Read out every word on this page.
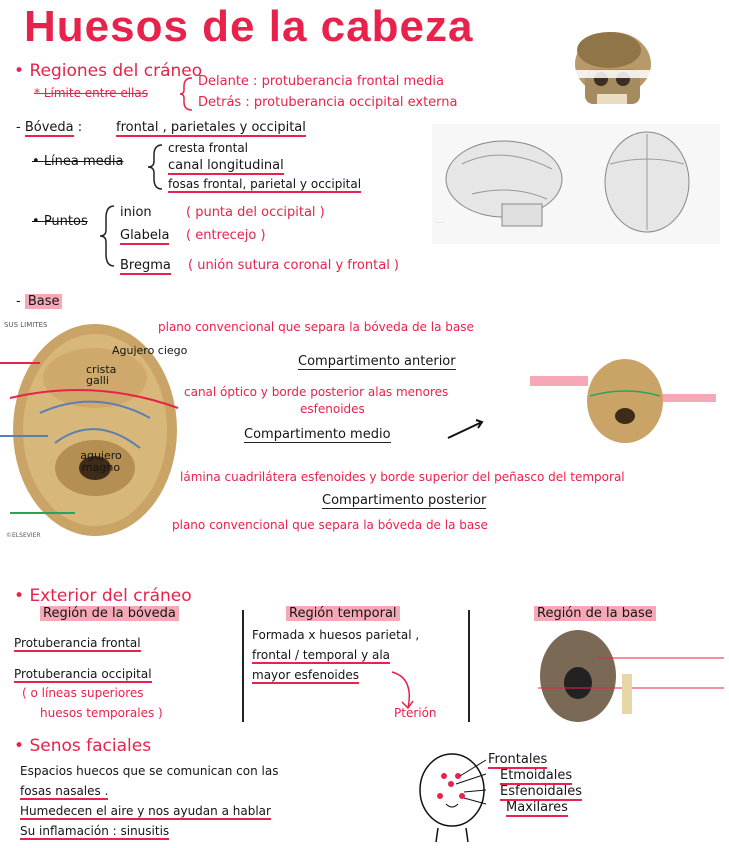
Huesos de la cabeza
• Regiones del cráneo
* Límite entre ellas
Delante : protuberancia frontal media
Detrás : protuberancia occipital externa
- Bóveda :	frontal , parietales y occipital
• Línea media
cresta frontal
canal longitudinal
fosas frontal, parietal y occipital
· · ·
• Puntos
inion	( punta del occipital )
Glabela ( entrecejo )
Bregma ( unión sutura coronal y frontal )
- Base
SUS LIMITES
©ELSEVIER
Agujero ciego
crista galli
agujero magno
plano convencional que separa la bóveda de la base
Compartimento anterior
canal óptico y borde posterior alas menores
esfenoides
Compartimento medio
lámina cuadrilátera esfenoides y borde superior del peñasco del temporal
Compartimento posterior
plano convencional que separa la bóveda de la base
• Exterior del cráneo
Región de la bóveda
Protuberancia frontal
Protuberancia occipital
( o líneas superiores
huesos temporales )
Región temporal
Formada x huesos parietal ,
frontal / temporal y ala
mayor esfenoides
Pterión
Región de la base
• Senos faciales
Espacios huecos que se comunican con las
fosas nasales .
Humedecen el aire y nos ayudan a hablar
Su inflamación : sinusitis
Frontales
Etmoidales
Esfenoidales
Maxilares
